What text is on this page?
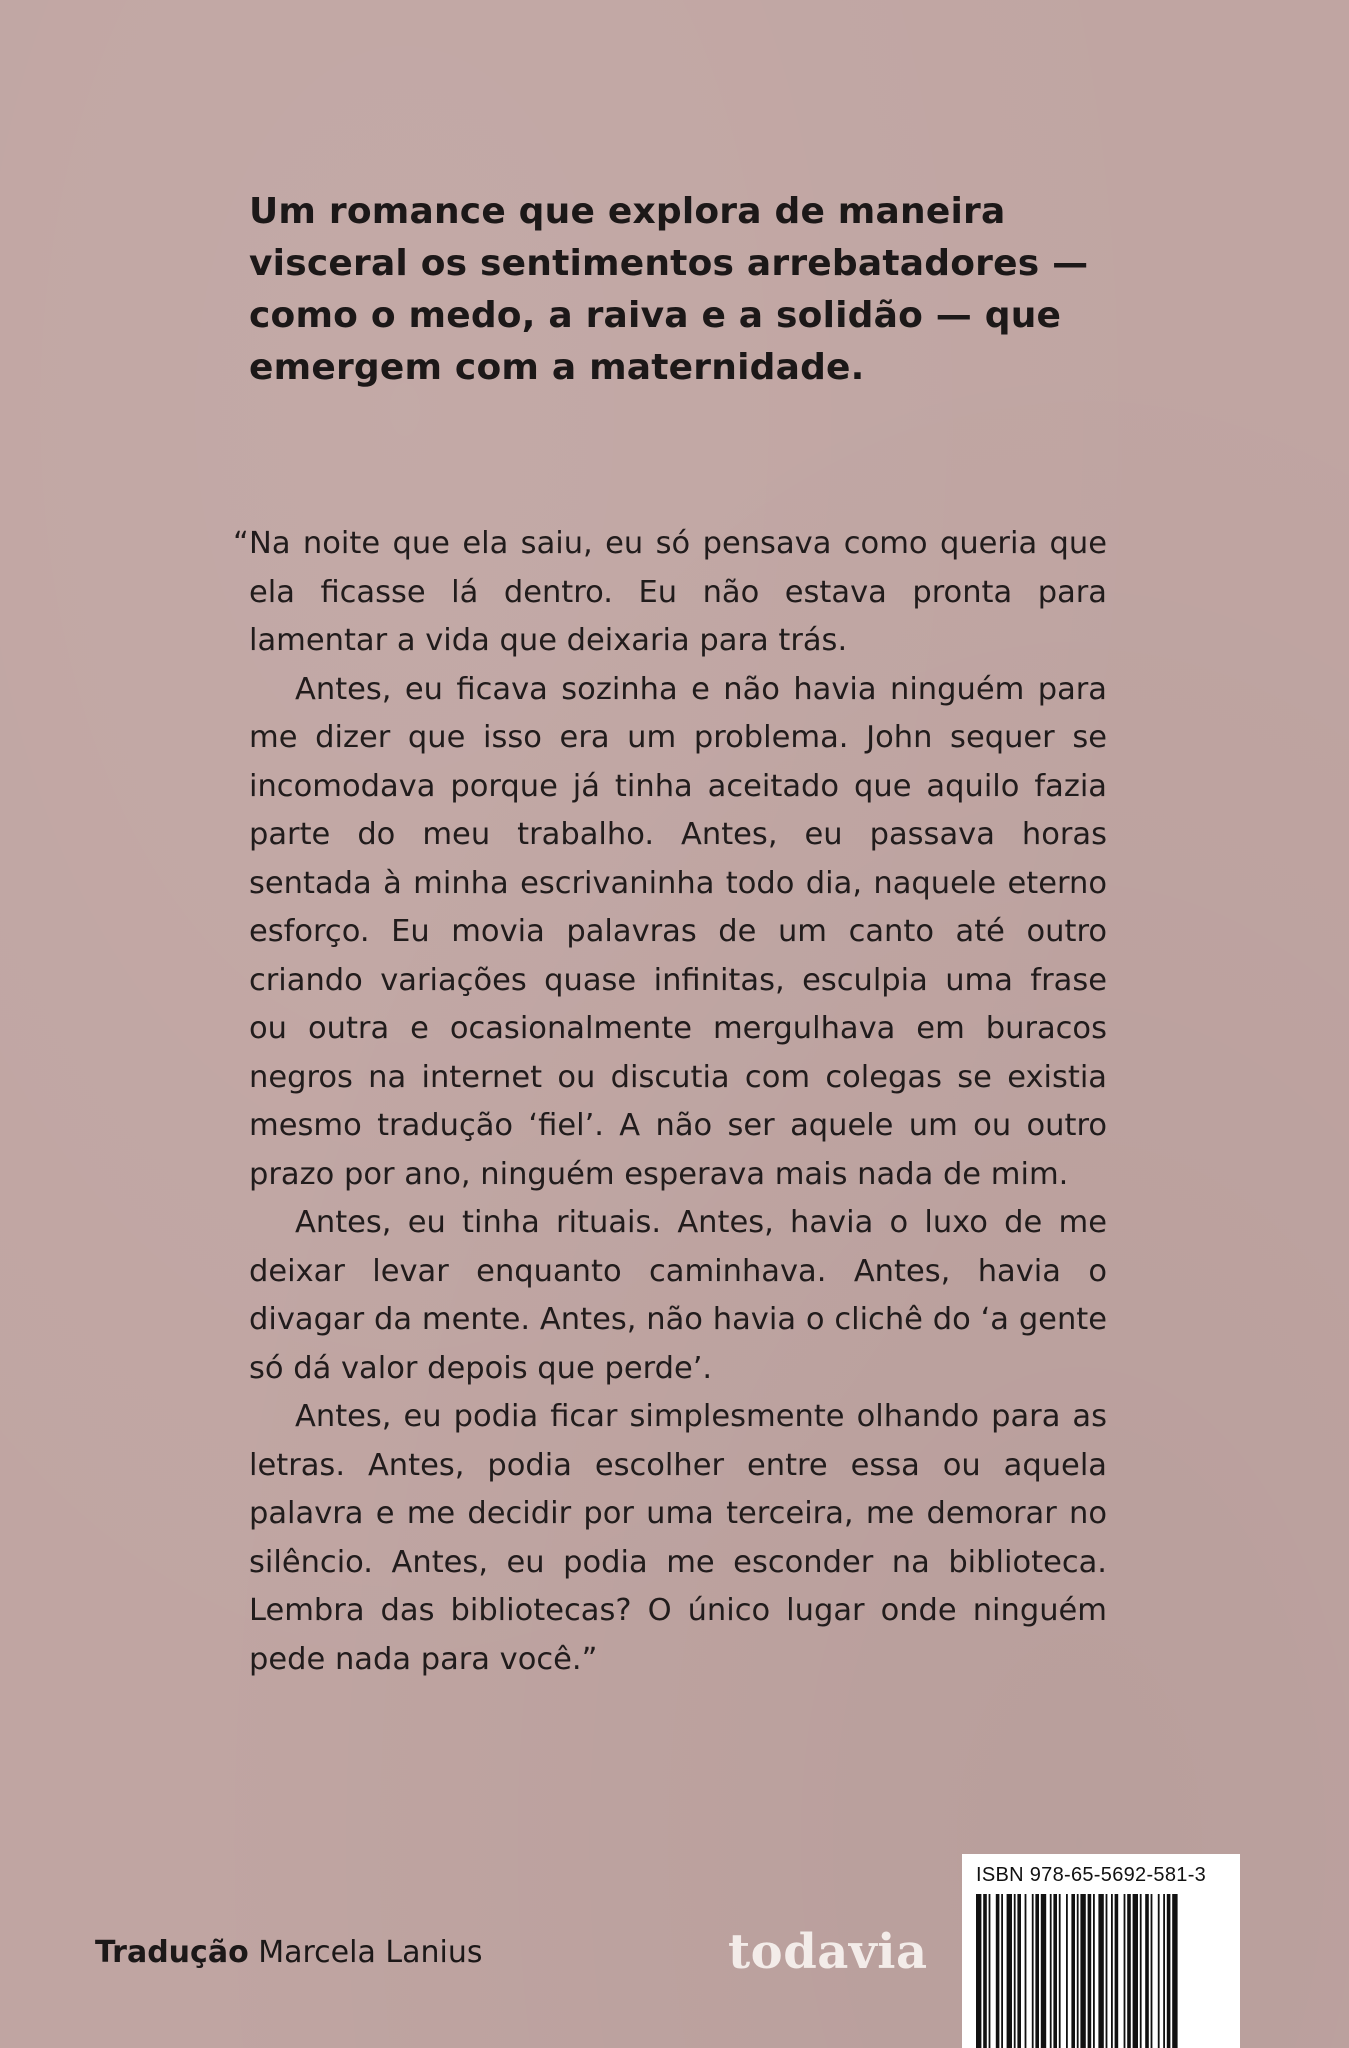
Um romance que explora de maneira visceral os sentimentos arrebatadores — como o medo, a raiva e a solidão — que emergem com a maternidade.

“ Na noite que ela saiu, eu só pensava como queria que ela ficasse lá dentro. Eu não estava pronta para lamentar a vida que deixaria para trás.

Antes, eu ficava sozinha e não havia ninguém para me dizer que isso era um problema. John sequer se incomodava porque já tinha aceitado que aquilo fazia parte do meu trabalho. Antes, eu passava horas sentada à minha escrivaninha todo dia, naquele eterno esforço. Eu movia palavras de um canto até outro criando variações quase infinitas, esculpia uma frase ou outra e ocasionalmente mergulhava em buracos negros na internet ou discutia com colegas se existia mesmo tradução ‘fiel’. A não ser aquele um ou outro prazo por ano, ninguém esperava mais nada de mim.

Antes, eu tinha rituais. Antes, havia o luxo de me deixar levar enquanto caminhava. Antes, havia o divagar da mente. Antes, não havia o clichê do ‘a gente só dá valor depois que perde’.

Antes, eu podia ficar simplesmente olhando para as letras. Antes, podia escolher entre essa ou aquela palavra e me decidir por uma terceira, me demorar no silêncio. Antes, eu podia me esconder na biblioteca. Lembra das bibliotecas? O único lugar onde ninguém pede nada para você.”

Tradução Marcela Lanius	todavia
ISBN 978-65-5692-581-3
